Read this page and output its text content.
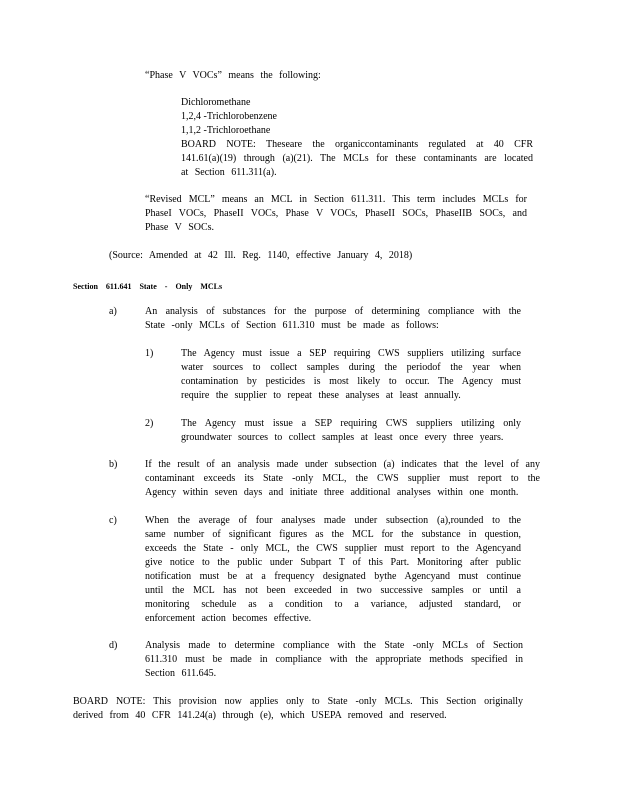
“Phase V VOCs” means the following:

Dichloromethane

1,2,4 -Trichlorobenzene

1,1,2 -Trichloroethane

BOARD NOTE: Theseare the organiccontaminants regulated at 40 CFR 141.61(a)(19) through (a)(21). The MCLs for these contaminants are located at Section 611.311(a).

“Revised MCL” means an MCL in Section 611.311. This term includes MCLs for PhaseI VOCs, PhaseII VOCs, Phase V VOCs, PhaseII SOCs, PhaseIIB SOCs, and Phase V SOCs.

(Source: Amended at 42 Ill. Reg. 1140, effective January 4, 2018)

Section 611.641 State - Only MCLs

a)	An analysis of substances for the purpose of determining compliance with the State -only MCLs of Section 611.310 must be made as follows:

1)	The Agency must issue a SEP requiring CWS suppliers utilizing surface water sources to collect samples during the periodof the year when contamination by pesticides is most likely to occur. The Agency must require the supplier to repeat these analyses at least annually.

2)	The Agency must issue a SEP requiring CWS suppliers utilizing only groundwater sources to collect samples at least once every three years.

b)	If the result of an analysis made under subsection (a) indicates that the level of any contaminant exceeds its State -only MCL, the CWS supplier must report to the Agency within seven days and initiate three additional analyses within one month.

c)	When the average of four analyses made under subsection (a),rounded to the same number of significant figures as the MCL for the substance in question, exceeds the State - only MCL, the CWS supplier must report to the Agencyand give notice to the public under Subpart T of this Part. Monitoring after public notification must be at a frequency designated bythe Agencyand must continue until the MCL has not been exceeded in two successive samples or until a monitoring schedule as a condition to a variance, adjusted standard, or enforcement action becomes effective.

d)	Analysis made to determine compliance with the State -only MCLs of Section 611.310 must be made in compliance with the appropriate methods specified in Section 611.645.

BOARD NOTE: This provision now applies only to State -only MCLs. This Section originally derived from 40 CFR 141.24(a) through (e), which USEPA removed and reserved.
